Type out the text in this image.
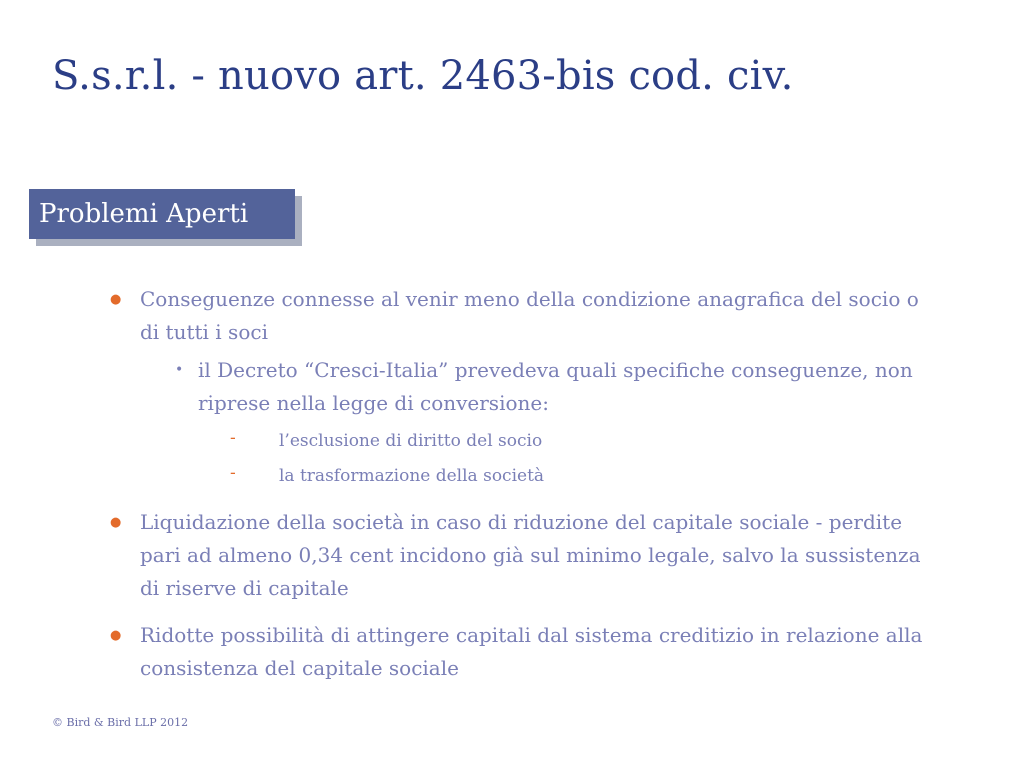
S.s.r.l. - nuovo art. 2463-bis cod. civ.
Problemi Aperti
● Conseguenze connesse al venir meno della condizione anagrafica del socio o di tutti i soci
• il Decreto “Cresci-Italia” prevedeva quali specifiche conseguenze, non riprese nella legge di conversione:
-	l’esclusione di diritto del socio
-	la trasformazione della società
● Liquidazione della società in caso di riduzione del capitale sociale - perdite pari ad almeno 0,34 cent incidono già sul minimo legale, salvo la sussistenza di riserve di capitale
● Ridotte possibilità di attingere capitali dal sistema creditizio in relazione alla consistenza del capitale sociale
© Bird & Bird LLP 2012
